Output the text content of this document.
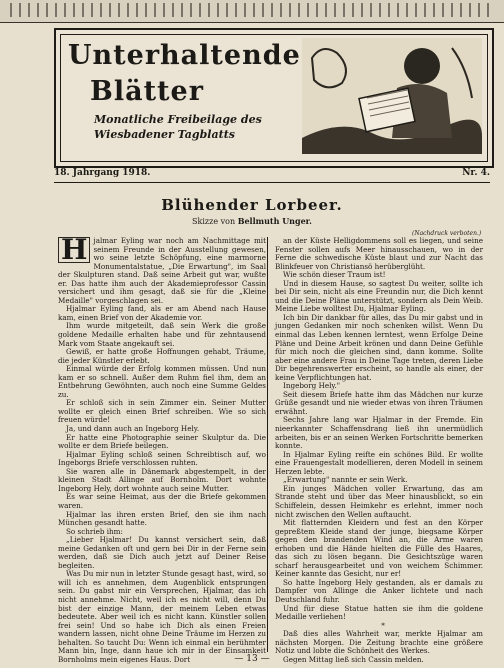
Unterhaltende
Blätter
Monatliche Freibeilage des
Wiesbadener Tagblatts
18. Jahrgang 1918.	Nr. 4.
Blühender Lorbeer.
Skizze von Bellmuth Unger.
(Nachdruck verboten.)
H jalmar Eyling war noch am Nachmittage mit seinem Freunde in der Ausstellung gewesen, wo seine letzte Schöpfung, eine marmorne Monumentalstatue, „Die Erwartung", im Saal der Skulpturen stand. Daß seine Arbeit gut war, wußte er. Das hatte ihm auch der Akademieprofessor Cassin versichert und ihm gesagt, daß sie für die „Kleine Medaille" vorgeschlagen sei.

Hjalmar Eyling fand, als er am Abend nach Hause kam, einen Brief von der Akademie vor.

Ihm wurde mitgeteilt, daß sein Werk die große goldene Medaille erhalten habe und für zehntausend Mark vom Staate angekauft sei.

Gewiß, er hatte große Hoffnungen gehabt, Träume, die jeder Künstler erlebt.

Einmal würde der Erfolg kommen müssen. Und nun kam er so schnell. Außer dem Ruhm fiel ihm, dem an Entbehrung Gewöhnten, auch noch eine Summe Geldes zu.

Er schloß sich in sein Zimmer ein. Seiner Mutter wollte er gleich einen Brief schreiben. Wie so sich freuen würde!

Ja, und dann auch an Ingeborg Hely.

Er hatte eine Photographie seiner Skulptur da. Die wollte er dem Briefe beilegen.

Hjalmar Eyling schloß seinen Schreibtisch auf, wo Ingeborgs Briefe verschlossen ruhten.

Sie waren alle in Dänemark abgestempelt, in der kleinen Stadt Allinge auf Bornholm. Dort wohnte Ingeborg Hely, dort wohnte auch seine Mutter.

Es war seine Heimat, aus der die Briefe gekommen waren.

Hjalmar las ihren ersten Brief, den sie ihm nach München gesandt hatte.

So schrieb ihm:

„Lieber Hjalmar! Du kannst versichert sein, daß meine Gedanken oft und gern bei Dir in der Ferne sein werden, daß sie Dich auch jetzt auf Deiner Reise begleiten.

Was Du mir nun in letzter Stunde gesagt hast, wird, so will ich es annehmen, dem Augenblick entsprungen sein. Du gabst mir ein Versprechen, Hjalmar, das ich nicht annehme. Nicht, weil ich es nicht will, denn Du bist der einzige Mann, der meinem Leben etwas bedeutete. Aber weil ich es nicht kann. Künstler sollen frei sein! Und so habe ich Dich als einen Freien wandern lassen, nicht ohne Deine Träume im Herzen zu behalten. So taucht Du: Wenn ich einmal ein berühmter Mann bin, Inge, dann haue ich mir in der Einsamkeit Bornholms mein eigenes Haus. Dort

an der Küste Helligdommens soll es liegen, und seine Fenster sollen aufs Meer hinausschauen, wo in der Ferne die schwedische Küste blaut und zur Nacht das Blinkfeuer von Christiansö herüberglüht.

Wie schön dieser Traum ist!

Und in diesem Hause, so sagtest Du weiter, sollte ich bei Dir sein, nicht als eine Freundin nur, die Dich kennt und die Deine Pläne unterstützt, sondern als Dein Weib. Meine Liebe wolltest Du, Hjalmar Eyling.

Ich bin Dir dankbar für alles, das Du mir gabst und in jungen Gedanken mir noch schenken willst. Wenn Du einmal das Leben kennen lerntest, wenn Erfolge Deine Pläne und Deine Arbeit krönen und dann Deine Gefühle für mich noch die gleichen sind, dann komme. Sollte aber eine andere Frau in Deine Tage treten, deren Liebe Dir begehrenswerter erscheint, so handle als einer, der keine Verpflichtungen hat.

Ingeborg Hely."

Seit diesem Briefe hatte ihm das Mädchen nur kurze Grüße gesandt und nie wieder etwas von ihren Träumen erwähnt.

Sechs Jahre lang war Hjalmar in der Fremde. Ein nieerkannter Schaffensdrang ließ ihn unermüdlich arbeiten, bis er an seinen Werken Fortschritte bemerken konnte.

In Hjalmar Eyling reifte ein schönes Bild. Er wollte eine Frauengestalt modellieren, deren Modell in seinem Herzen lebte.

„Erwartung" nannte er sein Werk.

Ein junges Mädchen voller Erwartung, das am Strande steht und über das Meer hinausblickt, so ein Schiffelein, dessen Heimkehr es erlehnt, immer noch nicht zwischen den Wellen auftaucht.

Mit flatternden Kleidern und fest an den Körper gepreßtem Kleide stand der junge, biegsame Körper gegen den brandenden Wind an, die Arme waren erhoben und die Hände hielten die Fülle des Haares, das sich zu lösen begann. Die Gesichtszüge waren scharf herausgearbeitet und von weichem Schimmer. Keiner kannte das Gesicht, nur er!

So hatte Ingeborg Hely gestanden, als er damals zu Dampfer von Allinge die Anker lichtete und nach Deutschland fuhr.

Und für diese Statue hatten sie ihm die goldene Medaille verliehen!

*

Daß dies alles Wahrheit war, merkte Hjalmar am nächsten Morgen. Die Zeitung brachte eine größere Notiz und lobte die Schönheit des Werkes.

Gegen Mittag ließ sich Cassin melden.

— 13 —
